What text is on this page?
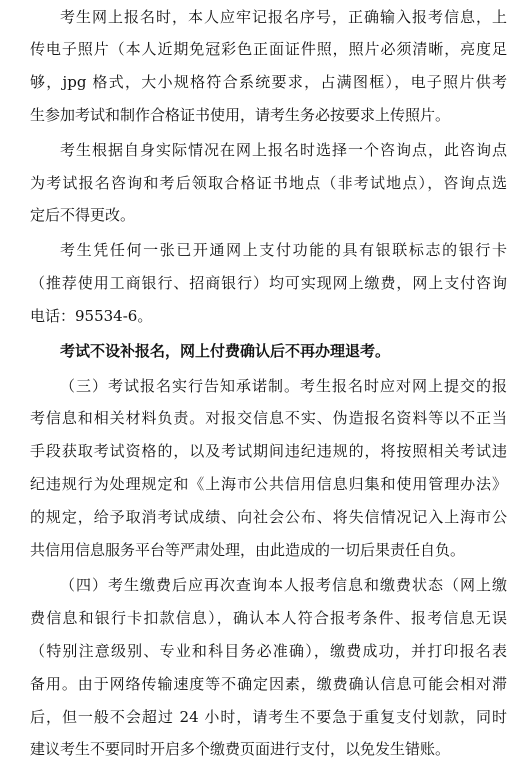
考生网上报名时，本人应牢记报名序号，正确输入报考信息，上
传电子照片（本人近期免冠彩色正面证件照，照片必须清晰，亮度足
够，jpg 格式，大小规格符合系统要求，占满图框），电子照片供考
生参加考试和制作合格证书使用，请考生务必按要求上传照片。
考生根据自身实际情况在网上报名时选择一个咨询点，此咨询点
为考试报名咨询和考后领取合格证书地点（非考试地点），咨询点选
定后不得更改。
考生凭任何一张已开通网上支付功能的具有银联标志的银行卡
（推荐使用工商银行、招商银行）均可实现网上缴费，网上支付咨询
电话：95534-6。
考试不设补报名，网上付费确认后不再办理退考。
（三）考试报名实行告知承诺制。考生报名时应对网上提交的报
考信息和相关材料负责。对报交信息不实、伪造报名资料等以不正当
手段获取考试资格的，以及考试期间违纪违规的，将按照相关考试违
纪违规行为处理规定和《上海市公共信用信息归集和使用管理办法》
的规定，给予取消考试成绩、向社会公布、将失信情况记入上海市公
共信用信息服务平台等严肃处理，由此造成的一切后果责任自负。
（四）考生缴费后应再次查询本人报考信息和缴费状态（网上缴
费信息和银行卡扣款信息），确认本人符合报考条件、报考信息无误
（特别注意级别、专业和科目务必准确），缴费成功，并打印报名表
备用。由于网络传输速度等不确定因素，缴费确认信息可能会相对滞
后，但一般不会超过 24 小时，请考生不要急于重复支付划款，同时
建议考生不要同时开启多个缴费页面进行支付，以免发生错账。
